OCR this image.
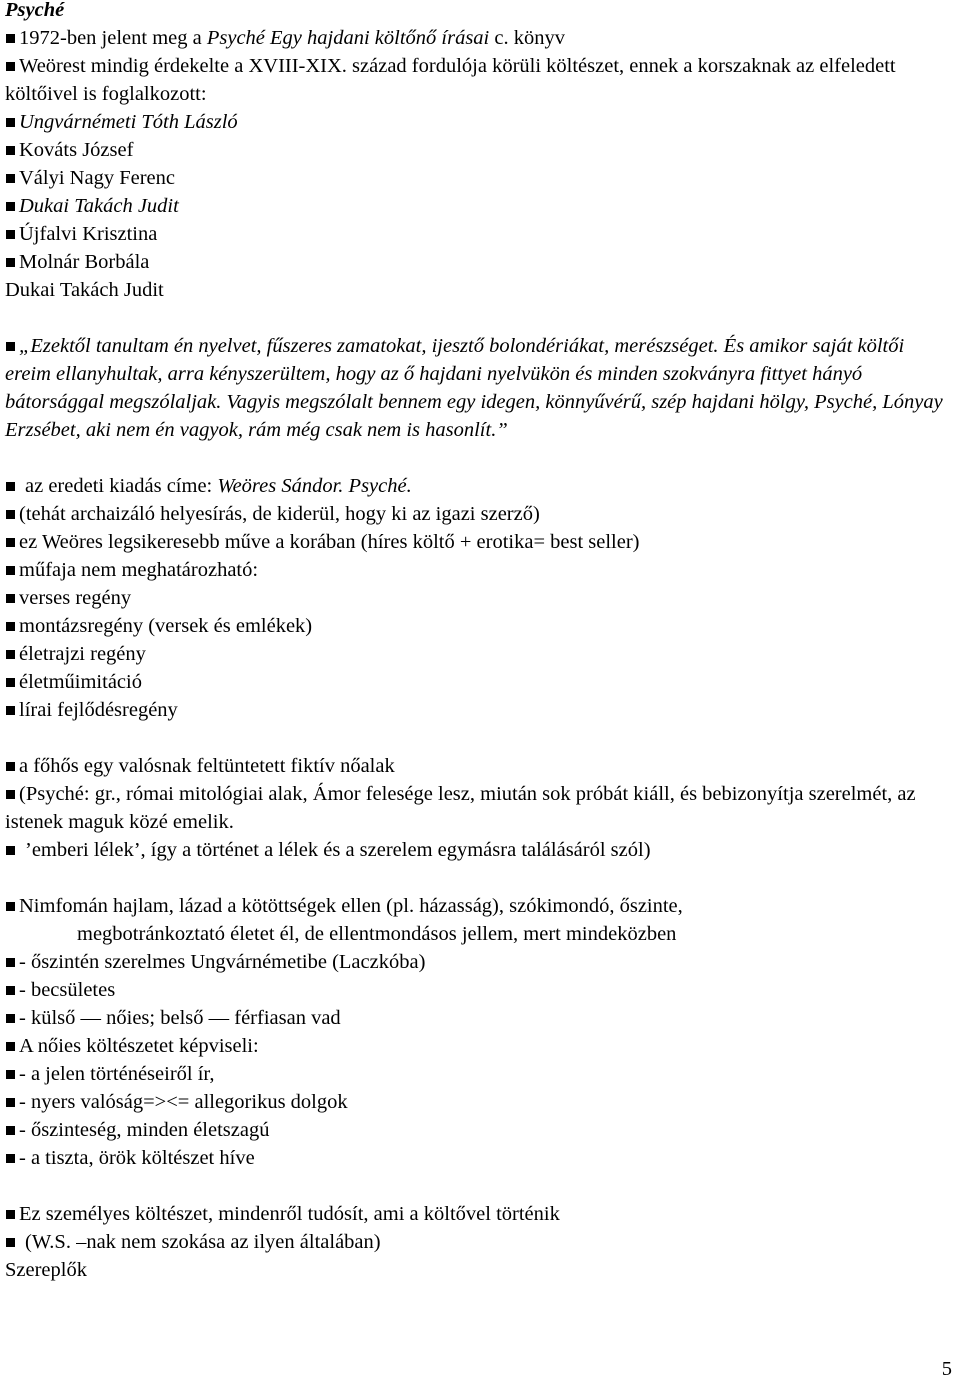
Psyché
1972-ben jelent meg a Psyché Egy hajdani költőnő írásai c. könyv
Weörest mindig érdekelte a XVIII-XIX. század fordulója körüli költészet, ennek a korszaknak az elfeledett költőivel is foglalkozott:
Ungvárnémeti Tóth László
Kováts József
Vályi Nagy Ferenc
Dukai Takách Judit
Újfalvi Krisztina
Molnár Borbála
Dukai Takách Judit
„Ezektől tanultam én nyelvet, fűszeres zamatokat, ijesztő bolondériákat, merészséget. És amikor saját költői ereim ellanyhultak, arra kényszerültem, hogy az ő hajdani nyelvükön és minden szokványra fittyet hányó bátorsággal megszólaljak. Vagyis megszólalt bennem egy idegen, könnyűvérű, szép hajdani hölgy, Psyché, Lónyay Erzsébet, aki nem én vagyok, rám még csak nem is hasonlít.”
az eredeti kiadás címe: Weöres Sándor. Psyché.
(tehát archaizáló helyesírás, de kiderül, hogy ki az igazi szerző)
ez Weöres legsikeresebb műve a korában (híres költő + erotika= best seller)
műfaja nem meghatározható:
verses regény
montázsregény (versek és emlékek)
életrajzi regény
életműimitáció
lírai fejlődésregény
a főhős egy valósnak feltüntetett fiktív nőalak
(Psyché: gr., római mitológiai alak, Ámor felesége lesz, miután sok próbát kiáll, és bebizonyítja szerelmét, az istenek maguk közé emelik.
’emberi lélek’, így a történet a lélek és a szerelem egymásra találásáról szól)
Nimfomán hajlam, lázad a kötöttségek ellen (pl. házasság), szókimondó, őszinte,
megbotránkoztató életet él, de ellentmondásos jellem, mert mindeközben
- őszintén szerelmes Ungvárnémetibe (Laczkóba)
- becsületes
- külső — nőies; belső — férfiasan vad
A nőies költészetet képviseli:
- a jelen történéseiről ír,
- nyers valóság=><= allegorikus dolgok
- őszinteség, minden életszagú
- a tiszta, örök költészet híve
Ez személyes költészet, mindenről tudósít, ami a költővel történik
(W.S. –nak nem szokása az ilyen általában)
Szereplők
5
